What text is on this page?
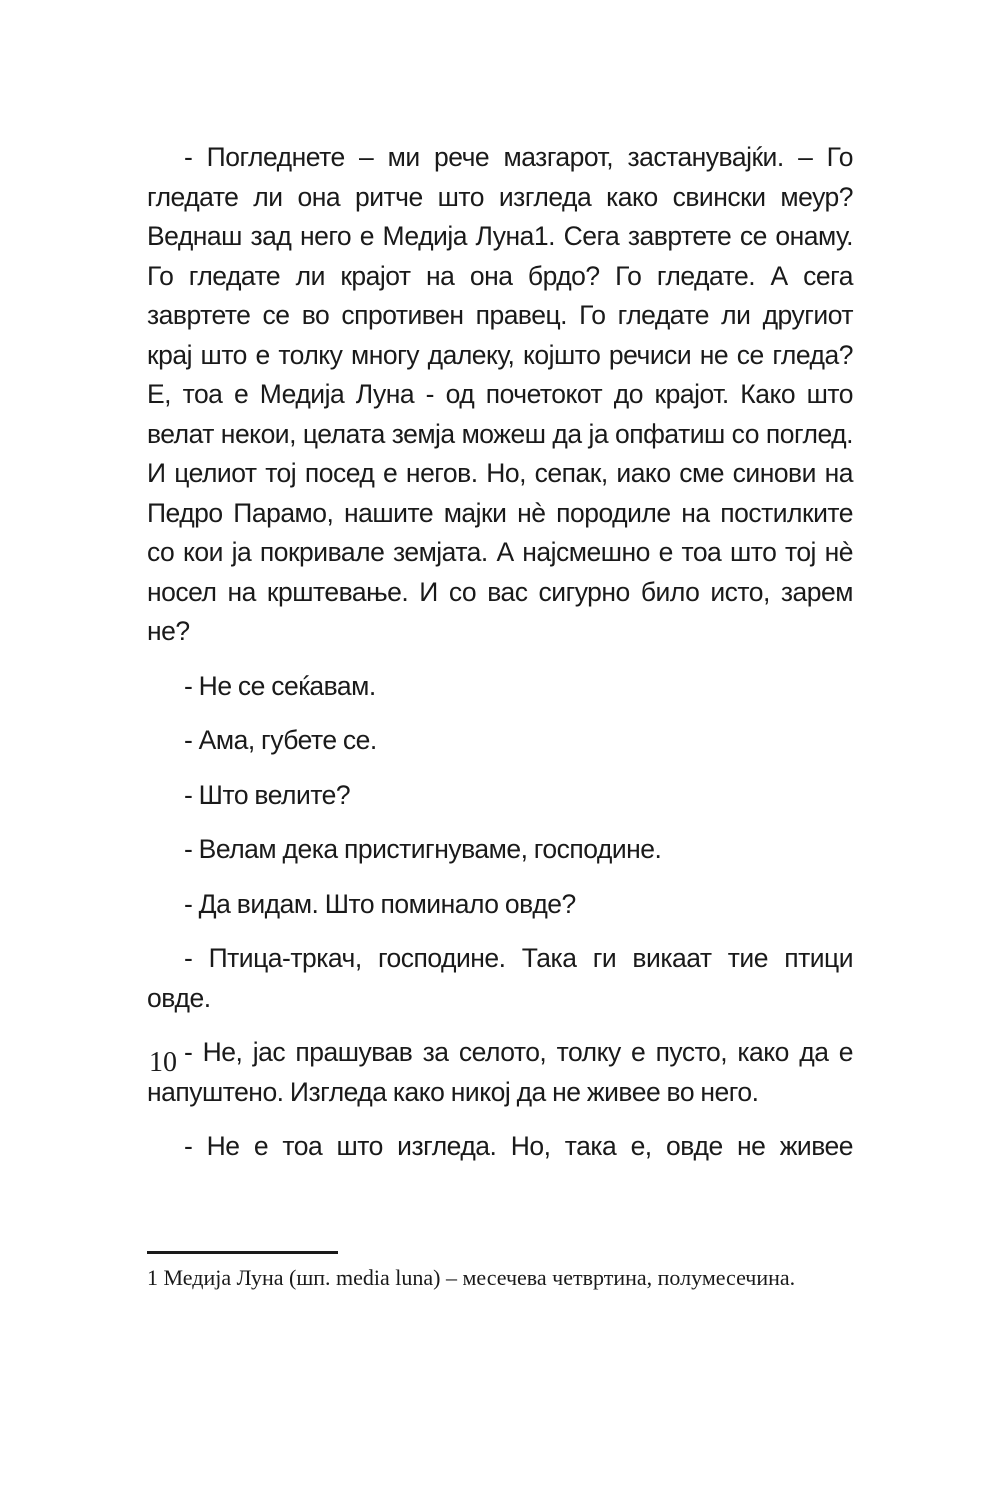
- Погледнете – ми рече мазгарот, застанувајќи. – Го гледате ли она ритче што изгледа како свински меур? Веднаш зад него е Медија Луна1. Сега завртете се онаму. Го гледате ли крајот на она брдо? Го гледате. А сега завртете се во спротивен правец. Го гледате ли другиот крај што е толку многу далеку, којшто речиси не се гледа? Е, тоа е Медија Луна - од почетокот до крајот. Како што велат некои, целата земја можеш да ја опфатиш со поглед. И целиот тој посед е негов. Но, сепак, иако сме синови на Педро Парамо, нашите мајки нè породиле на постилките со кои ја покривале земјата. А најсмешно е тоа што тој нè носел на крштевање. И со вас сигурно било исто, зарем не?

- Не се сеќавам.

- Ама, губете се.

- Што велите?

- Велам дека пристигнуваме, господине.

- Да видам. Што поминало овде?

- Птица-тркач, господине. Така ги викаат тие птици овде.

- Не, јас прашував за селото, толку е пусто, како да е напуштено. Изгледа како никој да не живее во него.

- Не е тоа што изгледа. Но, така е, овде не живее

1 Медија Луна (шп. media luna) – месечева четвртина, полумесечина.

10
